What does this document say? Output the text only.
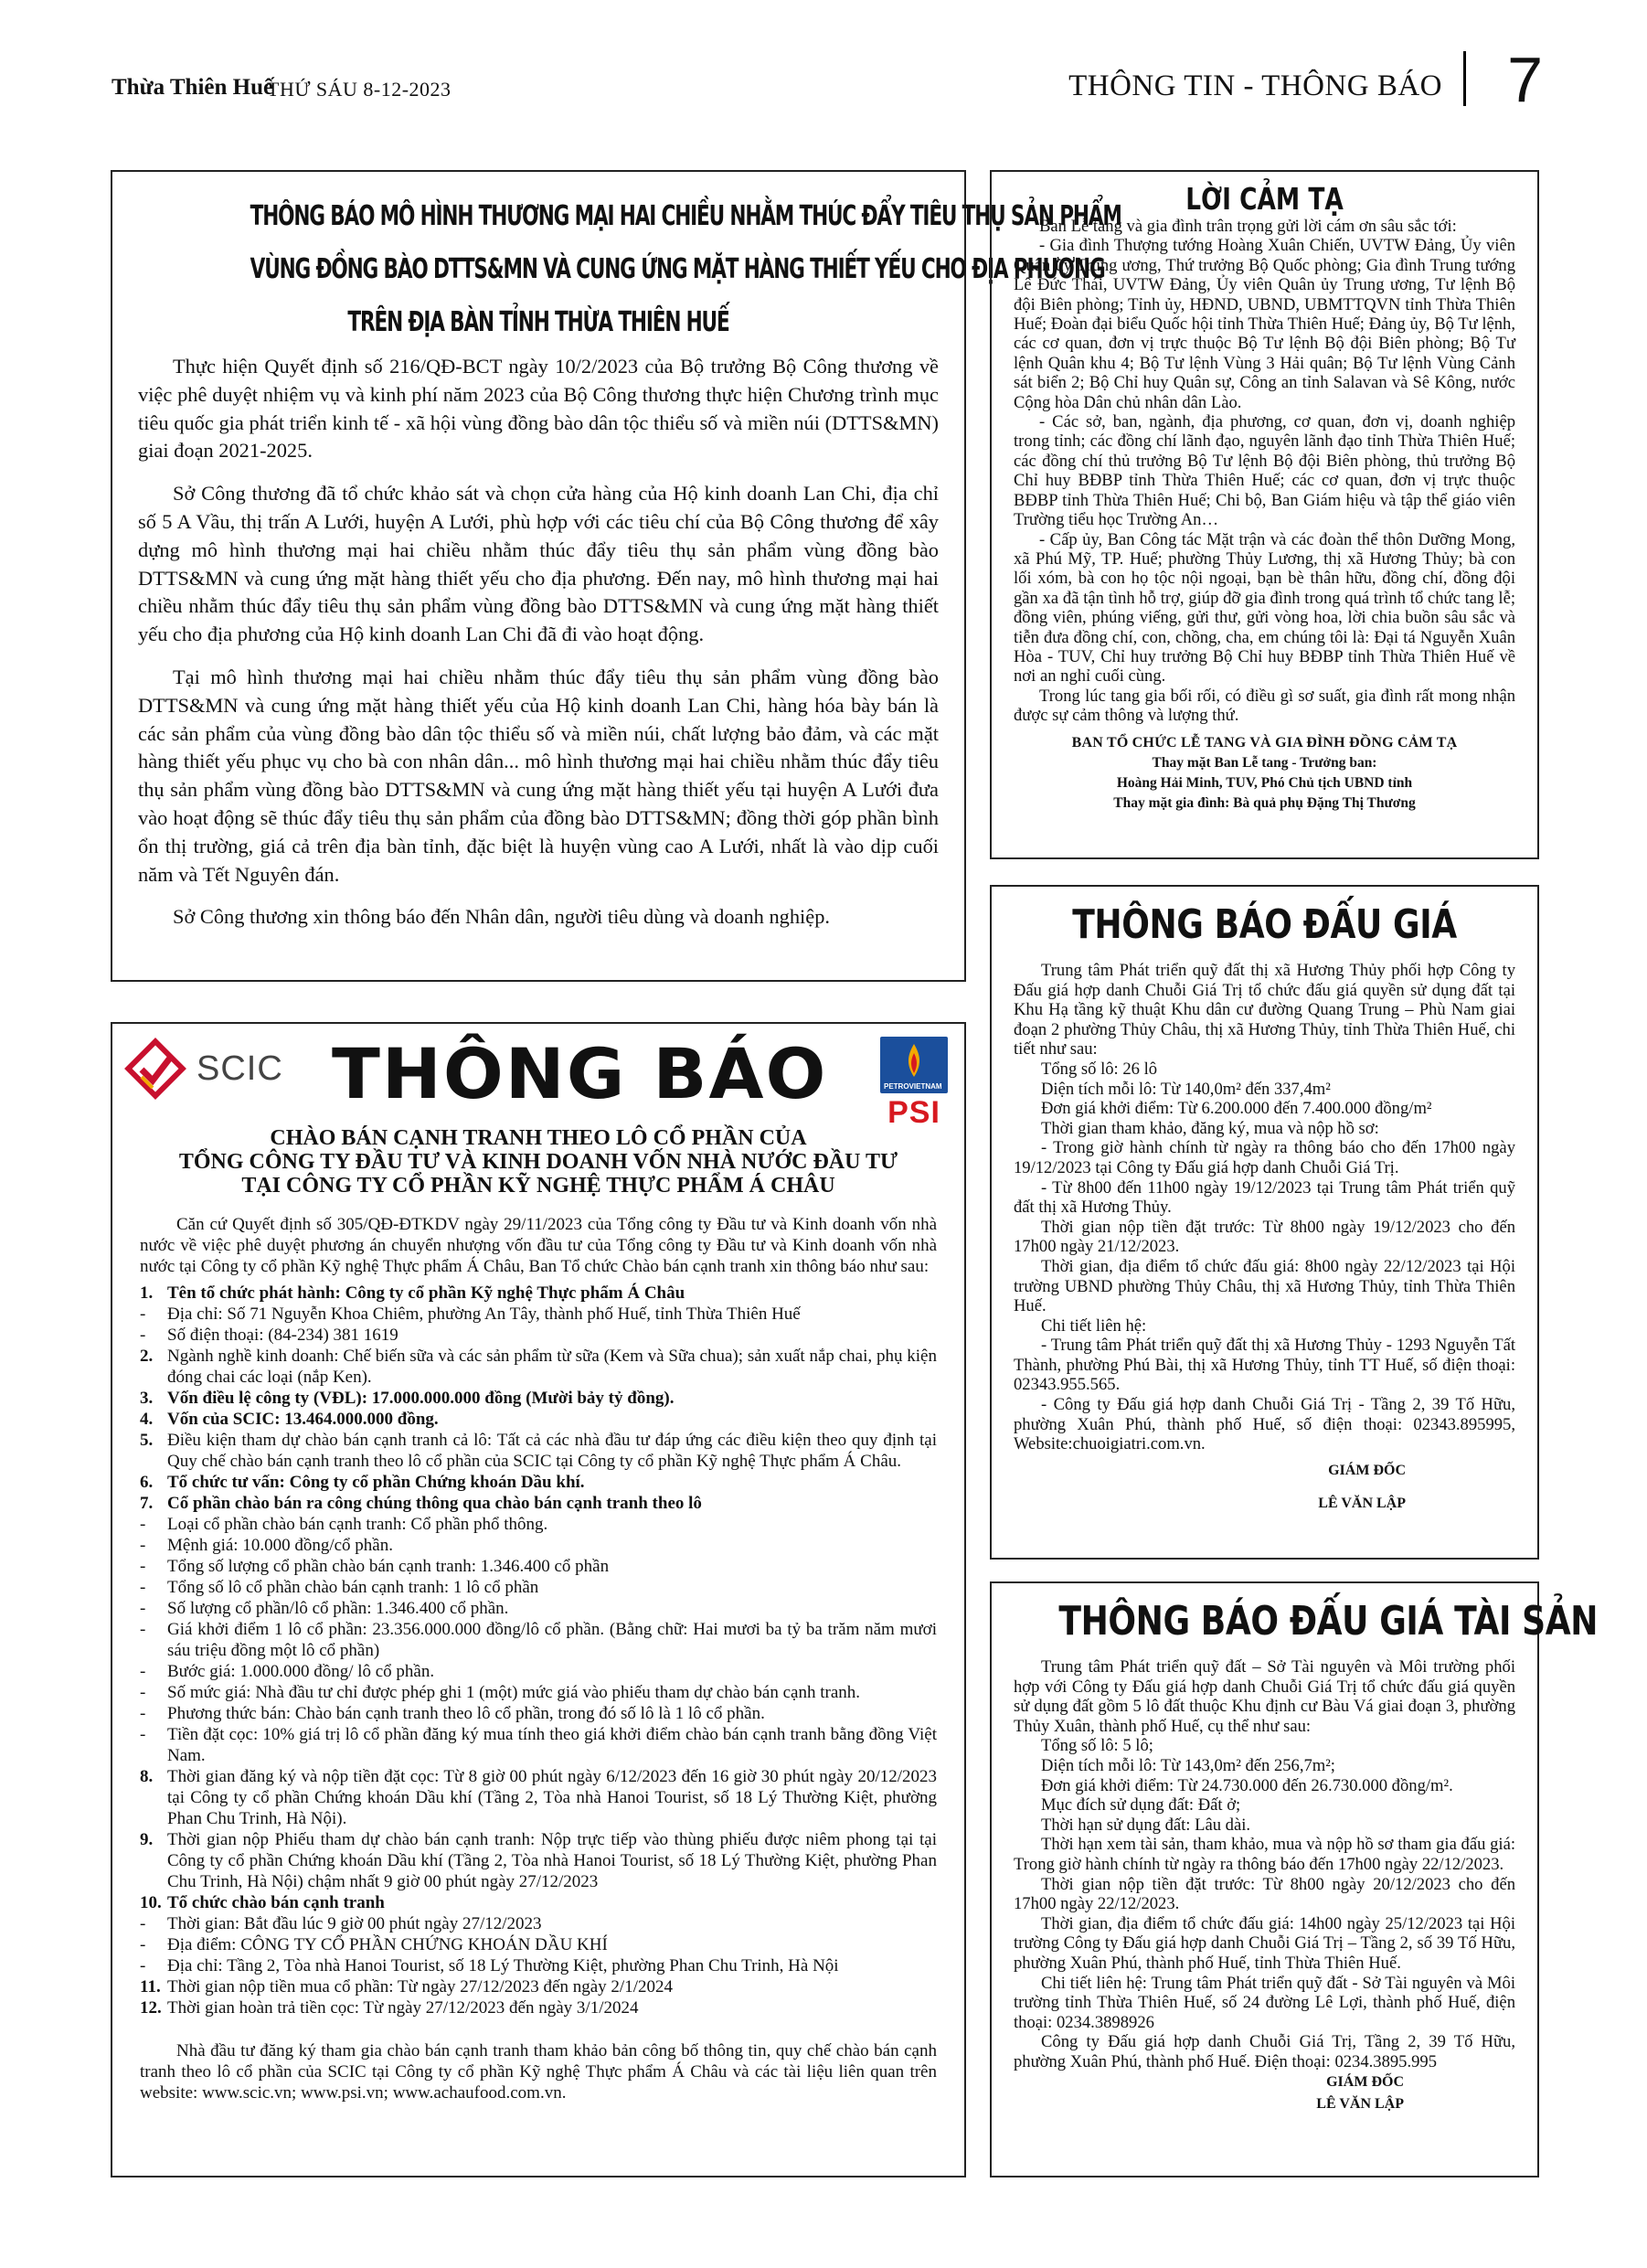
Thừa Thiên Huế
THỨ SÁU 8-12-2023	THÔNG TIN - THÔNG BÁO 7
THÔNG BÁO MÔ HÌNH THƯƠNG MẠI HAI CHIỀU NHẰM THÚC ĐẨY TIÊU THỤ SẢN PHẨM
VÙNG ĐỒNG BÀO DTTS&MN VÀ CUNG ỨNG MẶT HÀNG THIẾT YẾU CHO ĐỊA PHƯƠNG
TRÊN ĐỊA BÀN TỈNH THỪA THIÊN HUẾ

Thực hiện Quyết định số 216/QĐ-BCT ngày 10/2/2023 của Bộ trưởng Bộ Công thương về việc phê duyệt nhiệm vụ và kinh phí năm 2023 của Bộ Công thương thực hiện Chương trình mục tiêu quốc gia phát triển kinh tế - xã hội vùng đồng bào dân tộc thiểu số và miền núi (DTTS&MN) giai đoạn 2021-2025.

Sở Công thương đã tổ chức khảo sát và chọn cửa hàng của Hộ kinh doanh Lan Chi, địa chỉ số 5 A Vầu, thị trấn A Lưới, huyện A Lưới, phù hợp với các tiêu chí của Bộ Công thương để xây dựng mô hình thương mại hai chiều nhằm thúc đẩy tiêu thụ sản phẩm vùng đồng bào DTTS&MN và cung ứng mặt hàng thiết yếu cho địa phương. Đến nay, mô hình thương mại hai chiều nhằm thúc đẩy tiêu thụ sản phẩm vùng đồng bào DTTS&MN và cung ứng mặt hàng thiết yếu cho địa phương của Hộ kinh doanh Lan Chi đã đi vào hoạt động.

Tại mô hình thương mại hai chiều nhằm thúc đẩy tiêu thụ sản phẩm vùng đồng bào DTTS&MN và cung ứng mặt hàng thiết yếu của Hộ kinh doanh Lan Chi, hàng hóa bày bán là các sản phẩm của vùng đồng bào dân tộc thiểu số và miền núi, chất lượng bảo đảm, và các mặt hàng thiết yếu phục vụ cho bà con nhân dân... mô hình thương mại hai chiều nhằm thúc đẩy tiêu thụ sản phẩm vùng đồng bào DTTS&MN và cung ứng mặt hàng thiết yếu tại huyện A Lưới đưa vào hoạt động sẽ thúc đẩy tiêu thụ sản phẩm của đồng bào DTTS&MN; đồng thời góp phần bình ổn thị trường, giá cả trên địa bàn tỉnh, đặc biệt là huyện vùng cao A Lưới, nhất là vào dịp cuối năm và Tết Nguyên đán.

Sở Công thương xin thông báo đến Nhân dân, người tiêu dùng và doanh nghiệp.

SCIC THÔNG BÁO	PETROVIETNAM
PSI
CHÀO BÁN CẠNH TRANH THEO LÔ CỔ PHẦN CỦA
TỔNG CÔNG TY ĐẦU TƯ VÀ KINH DOANH VỐN NHÀ NƯỚC ĐẦU TƯ
TẠI CÔNG TY CỔ PHẦN KỸ NGHỆ THỰC PHẨM Á CHÂU

Căn cứ Quyết định số 305/QĐ-ĐTKDV ngày 29/11/2023 của Tổng công ty Đầu tư và Kinh doanh vốn nhà nước về việc phê duyệt phương án chuyển nhượng vốn đầu tư của Tổng công ty Đầu tư và Kinh doanh vốn nhà nước tại Công ty cổ phần Kỹ nghệ Thực phẩm Á Châu, Ban Tổ chức Chào bán cạnh tranh xin thông báo như sau:

1. Tên tổ chức phát hành: Công ty cổ phần Kỹ nghệ Thực phẩm Á Châu
- Địa chỉ: Số 71 Nguyễn Khoa Chiêm, phường An Tây, thành phố Huế, tỉnh Thừa Thiên Huế
- Số điện thoại: (84-234) 381 1619
2. Ngành nghề kinh doanh: Chế biến sữa và các sản phẩm từ sữa (Kem và Sữa chua); sản xuất nắp chai, phụ kiện đóng chai các loại (nắp Ken).
3. Vốn điều lệ công ty (VĐL): 17.000.000.000 đồng (Mười bảy tỷ đồng).
4. Vốn của SCIC: 13.464.000.000 đồng.
5. Điều kiện tham dự chào bán cạnh tranh cả lô: Tất cả các nhà đầu tư đáp ứng các điều kiện theo quy định tại Quy chế chào bán cạnh tranh theo lô cổ phần của SCIC tại Công ty cổ phần Kỹ nghệ Thực phẩm Á Châu.
6. Tổ chức tư vấn: Công ty cổ phần Chứng khoán Dầu khí.
7. Cổ phần chào bán ra công chúng thông qua chào bán cạnh tranh theo lô
- Loại cổ phần chào bán cạnh tranh: Cổ phần phổ thông.
- Mệnh giá: 10.000 đồng/cổ phần.
- Tổng số lượng cổ phần chào bán cạnh tranh: 1.346.400 cổ phần
- Tổng số lô cổ phần chào bán cạnh tranh: 1 lô cổ phần
- Số lượng cổ phần/lô cổ phần: 1.346.400 cổ phần.
- Giá khởi điểm 1 lô cổ phần: 23.356.000.000 đồng/lô cổ phần. (Bằng chữ: Hai mươi ba tỷ ba trăm năm mươi sáu triệu đồng một lô cổ phần)
- Bước giá: 1.000.000 đồng/ lô cổ phần.
- Số mức giá: Nhà đầu tư chỉ được phép ghi 1 (một) mức giá vào phiếu tham dự chào bán cạnh tranh.
- Phương thức bán: Chào bán cạnh tranh theo lô cổ phần, trong đó số lô là 1 lô cổ phần.
- Tiền đặt cọc: 10% giá trị lô cổ phần đăng ký mua tính theo giá khởi điểm chào bán cạnh tranh bằng đồng Việt Nam.
8. Thời gian đăng ký và nộp tiền đặt cọc: Từ 8 giờ 00 phút ngày 6/12/2023 đến 16 giờ 30 phút ngày 20/12/2023 tại Công ty cổ phần Chứng khoán Dầu khí (Tầng 2, Tòa nhà Hanoi Tourist, số 18 Lý Thường Kiệt, phường Phan Chu Trinh, Hà Nội).
9. Thời gian nộp Phiếu tham dự chào bán cạnh tranh: Nộp trực tiếp vào thùng phiếu được niêm phong tại tại Công ty cổ phần Chứng khoán Dầu khí (Tầng 2, Tòa nhà Hanoi Tourist, số 18 Lý Thường Kiệt, phường Phan Chu Trinh, Hà Nội) chậm nhất 9 giờ 00 phút ngày 27/12/2023
10. Tổ chức chào bán cạnh tranh
- Thời gian: Bắt đầu lúc 9 giờ 00 phút ngày 27/12/2023
- Địa điểm: CÔNG TY CỔ PHẦN CHỨNG KHOÁN DẦU KHÍ
- Địa chỉ: Tầng 2, Tòa nhà Hanoi Tourist, số 18 Lý Thường Kiệt, phường Phan Chu Trinh, Hà Nội
11. Thời gian nộp tiền mua cổ phần: Từ ngày 27/12/2023 đến ngày 2/1/2024
12. Thời gian hoàn trả tiền cọc: Từ ngày 27/12/2023 đến ngày 3/1/2024

Nhà đầu tư đăng ký tham gia chào bán cạnh tranh tham khảo bản công bố thông tin, quy chế chào bán cạnh tranh theo lô cổ phần của SCIC tại Công ty cổ phần Kỹ nghệ Thực phẩm Á Châu và các tài liệu liên quan trên website: www.scic.vn; www.psi.vn; www.achaufood.com.vn.

LỜI CẢM TẠ

Ban Lễ tang và gia đình trân trọng gửi lời cám ơn sâu sắc tới:

- Gia đình Thượng tướng Hoàng Xuân Chiến, UVTW Đảng, Ủy viên Quân ủy Trung ương, Thứ trưởng Bộ Quốc phòng; Gia đình Trung tướng Lê Đức Thái, UVTW Đảng, Ủy viên Quân ủy Trung ương, Tư lệnh Bộ đội Biên phòng; Tỉnh ủy, HĐND, UBND, UBMTTQVN tỉnh Thừa Thiên Huế; Đoàn đại biểu Quốc hội tỉnh Thừa Thiên Huế; Đảng ủy, Bộ Tư lệnh, các cơ quan, đơn vị trực thuộc Bộ Tư lệnh Bộ đội Biên phòng; Bộ Tư lệnh Quân khu 4; Bộ Tư lệnh Vùng 3 Hải quân; Bộ Tư lệnh Vùng Cảnh sát biển 2; Bộ Chỉ huy Quân sự, Công an tỉnh Salavan và Sê Kông, nước Cộng hòa Dân chủ nhân dân Lào.

- Các sở, ban, ngành, địa phương, cơ quan, đơn vị, doanh nghiệp trong tỉnh; các đồng chí lãnh đạo, nguyên lãnh đạo tỉnh Thừa Thiên Huế; các đồng chí thủ trưởng Bộ Tư lệnh Bộ đội Biên phòng, thủ trưởng Bộ Chỉ huy BĐBP tỉnh Thừa Thiên Huế; các cơ quan, đơn vị trực thuộc BĐBP tỉnh Thừa Thiên Huế; Chi bộ, Ban Giám hiệu và tập thể giáo viên Trường tiểu học Trường An…

- Cấp ủy, Ban Công tác Mặt trận và các đoàn thể thôn Dưỡng Mong, xã Phú Mỹ, TP. Huế; phường Thủy Lương, thị xã Hương Thủy; bà con lối xóm, bà con họ tộc nội ngoại, bạn bè thân hữu, đồng chí, đồng đội gần xa đã tận tình hỗ trợ, giúp đỡ gia đình trong quá trình tổ chức tang lễ; đồng viên, phúng viếng, gửi thư, gửi vòng hoa, lời chia buồn sâu sắc và tiễn đưa đồng chí, con, chồng, cha, em chúng tôi là: Đại tá Nguyễn Xuân Hòa - TUV, Chỉ huy trưởng Bộ Chỉ huy BĐBP tỉnh Thừa Thiên Huế về nơi an nghỉ cuối cùng.

Trong lúc tang gia bối rối, có điều gì sơ suất, gia đình rất mong nhận được sự cảm thông và lượng thứ.

BAN TỔ CHỨC LỄ TANG VÀ GIA ĐÌNH ĐỒNG CẢM TẠ
Thay mặt Ban Lễ tang - Trưởng ban:
Hoàng Hải Minh, TUV, Phó Chủ tịch UBND tỉnh
Thay mặt gia đình: Bà quả phụ Đặng Thị Thương
THÔNG BÁO ĐẤU GIÁ

Trung tâm Phát triển quỹ đất thị xã Hương Thủy phối hợp Công ty Đấu giá hợp danh Chuỗi Giá Trị tổ chức đấu giá quyền sử dụng đất tại Khu Hạ tầng kỹ thuật Khu dân cư đường Quang Trung – Phù Nam giai đoạn 2 phường Thủy Châu, thị xã Hương Thủy, tỉnh Thừa Thiên Huế, chi tiết như sau:

Tổng số lô: 26 lô

Diện tích mỗi lô: Từ 140,0m² đến 337,4m²

Đơn giá khởi điểm: Từ 6.200.000 đến 7.400.000 đồng/m²

Thời gian tham khảo, đăng ký, mua và nộp hồ sơ:

- Trong giờ hành chính từ ngày ra thông báo cho đến 17h00 ngày 19/12/2023 tại Công ty Đấu giá hợp danh Chuỗi Giá Trị.

- Từ 8h00 đến 11h00 ngày 19/12/2023 tại Trung tâm Phát triển quỹ đất thị xã Hương Thủy.

Thời gian nộp tiền đặt trước: Từ 8h00 ngày 19/12/2023 cho đến 17h00 ngày 21/12/2023.

Thời gian, địa điểm tổ chức đấu giá: 8h00 ngày 22/12/2023 tại Hội trường UBND phường Thủy Châu, thị xã Hương Thủy, tỉnh Thừa Thiên Huế.

Chi tiết liên hệ:

- Trung tâm Phát triển quỹ đất thị xã Hương Thủy - 1293 Nguyễn Tất Thành, phường Phú Bài, thị xã Hương Thủy, tỉnh TT Huế, số điện thoại: 02343.955.565.

- Công ty Đấu giá hợp danh Chuỗi Giá Trị - Tầng 2, 39 Tố Hữu, phường Xuân Phú, thành phố Huế, số điện thoại: 02343.895995, Website:chuoigiatri.com.vn.

GIÁM ĐỐC
LÊ VĂN LẬP
THÔNG BÁO ĐẤU GIÁ TÀI SẢN

Trung tâm Phát triển quỹ đất – Sở Tài nguyên và Môi trường phối hợp với Công ty Đấu giá hợp danh Chuỗi Giá Trị tổ chức đấu giá quyền sử dụng đất gồm 5 lô đất thuộc Khu định cư Bàu Vá giai đoạn 3, phường Thủy Xuân, thành phố Huế, cụ thể như sau:

Tổng số lô: 5 lô;

Diện tích mỗi lô: Từ 143,0m² đến 256,7m²;

Đơn giá khởi điểm: Từ 24.730.000 đến 26.730.000 đồng/m².

Mục đích sử dụng đất: Đất ở;

Thời hạn sử dụng đất: Lâu dài.

Thời hạn xem tài sản, tham khảo, mua và nộp hồ sơ tham gia đấu giá: Trong giờ hành chính từ ngày ra thông báo đến 17h00 ngày 22/12/2023.

Thời gian nộp tiền đặt trước: Từ 8h00 ngày 20/12/2023 cho đến 17h00 ngày 22/12/2023.

Thời gian, địa điểm tổ chức đấu giá: 14h00 ngày 25/12/2023 tại Hội trường Công ty Đấu giá hợp danh Chuỗi Giá Trị – Tầng 2, số 39 Tố Hữu, phường Xuân Phú, thành phố Huế, tỉnh Thừa Thiên Huế.

Chi tiết liên hệ: Trung tâm Phát triển quỹ đất - Sở Tài nguyên và Môi trường tỉnh Thừa Thiên Huế, số 24 đường Lê Lợi, thành phố Huế, điện thoại: 0234.3898926

Công ty Đấu giá hợp danh Chuỗi Giá Trị, Tầng 2, 39 Tố Hữu, phường Xuân Phú, thành phố Huế. Điện thoại: 0234.3895.995

GIÁM ĐỐC
LÊ VĂN LẬP
